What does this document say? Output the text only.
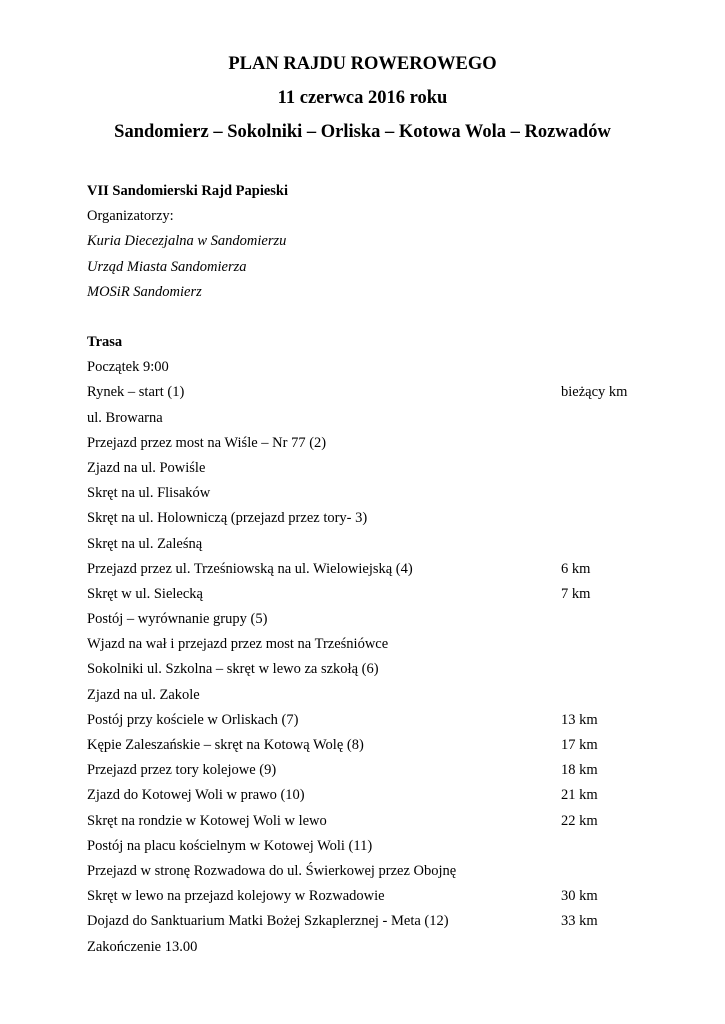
PLAN RAJDU ROWEROWEGO
11 czerwca 2016 roku
Sandomierz – Sokolniki – Orliska – Kotowa Wola – Rozwadów
VII Sandomierski Rajd Papieski
Organizatorzy:
Kuria Diecezjalna w Sandomierzu
Urząd Miasta Sandomierza
MOSiR Sandomierz
Trasa
Początek 9:00
Rynek – start (1)	bieżący km
ul. Browarna
Przejazd przez most na Wiśle – Nr 77 (2)
Zjazd na ul. Powiśle
Skręt na ul. Flisaków
Skręt na ul. Holowniczą (przejazd przez tory- 3)
Skręt na ul. Zaleśną
Przejazd przez ul. Trześniowską na ul. Wielowiejską (4)	6 km
Skręt w ul. Sielecką	7 km
Postój – wyrównanie grupy (5)
Wjazd na wał i przejazd przez most na Trześniówce
Sokolniki ul. Szkolna – skręt w lewo za szkołą (6)
Zjazd na ul. Zakole
Postój przy kościele w Orliskach (7)	13 km
Kępie Zaleszańskie – skręt na Kotową Wolę (8)	17 km
Przejazd przez tory kolejowe (9)	18 km
Zjazd do Kotowej Woli w prawo (10)	21 km
Skręt na rondzie w Kotowej Woli w lewo	22 km
Postój na placu kościelnym w Kotowej Woli (11)
Przejazd w stronę Rozwadowa do ul. Świerkowej przez Obojnę
Skręt w lewo na przejazd kolejowy w Rozwadowie	30 km
Dojazd do Sanktuarium Matki Bożej Szkaplerznej - Meta (12)	33 km
Zakończenie 13.00
